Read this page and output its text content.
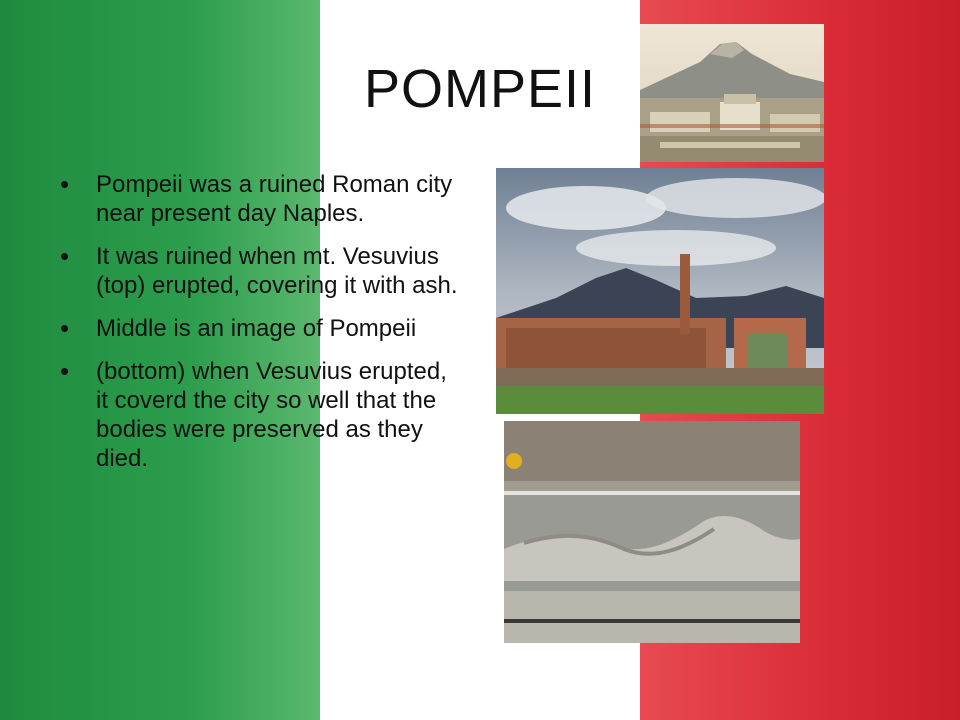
POMPEII
• Pompeii was a ruined Roman city near present day Naples.
• It was ruined when mt. Vesuvius (top) erupted, covering it with ash.
• Middle is an image of Pompeii
• (bottom) when Vesuvius erupted, it coverd the city so well that the bodies were preserved as they died.
